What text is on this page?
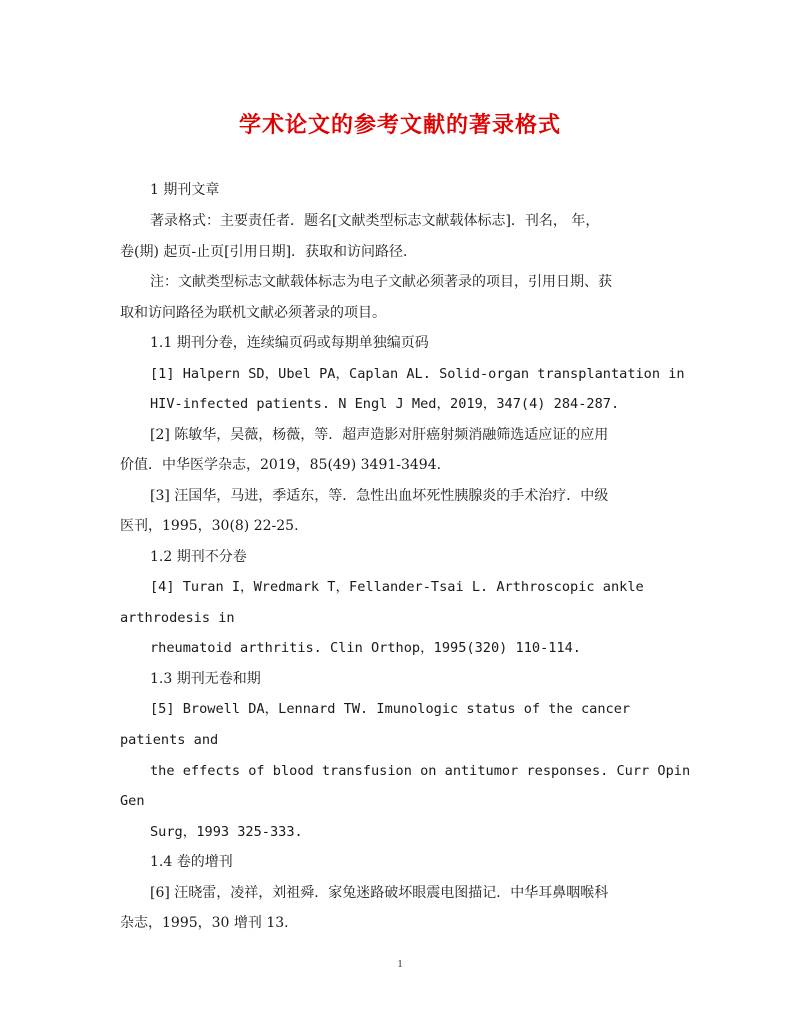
学术论文的参考文献的著录格式
1 期刊文章
著录格式：主要责任者．题名[文献类型标志文献载体标志]．刊名， 年，
卷(期) 起页-止页[引用日期]．获取和访问路径．
注：文献类型标志文献载体标志为电子文献必须著录的项目，引用日期、获
取和访问路径为联机文献必须著录的项目。
1.1 期刊分卷，连续编页码或每期单独编页码
[1] Halpern SD，Ubel PA，Caplan AL. Solid-organ transplantation in
HIV-infected patients. N Engl J Med，2019，347(4) 284-287.
[2] 陈敏华，吴薇，杨薇，等．超声造影对肝癌射频消融筛选适应证的应用
价值．中华医学杂志，2019，85(49) 3491-3494.
[3] 汪国华，马进，季适东，等．急性出血坏死性胰腺炎的手术治疗．中级
医刊，1995，30(8) 22-25.
1.2 期刊不分卷
[4] Turan I，Wredmark T，Fellander-Tsai L. Arthroscopic ankle
arthrodesis in
rheumatoid arthritis. Clin Orthop，1995(320) 110-114.
1.3 期刊无卷和期
[5] Browell DA，Lennard TW. Imunologic status of the cancer
patients and
the effects of blood transfusion on antitumor responses. Curr Opin
Gen
Surg，1993 325-333.
1.4 卷的增刊
[6] 汪晓雷，凌祥，刘祖舜．家兔迷路破坏眼震电图描记．中华耳鼻咽喉科
杂志，1995，30 增刊 13.
1
